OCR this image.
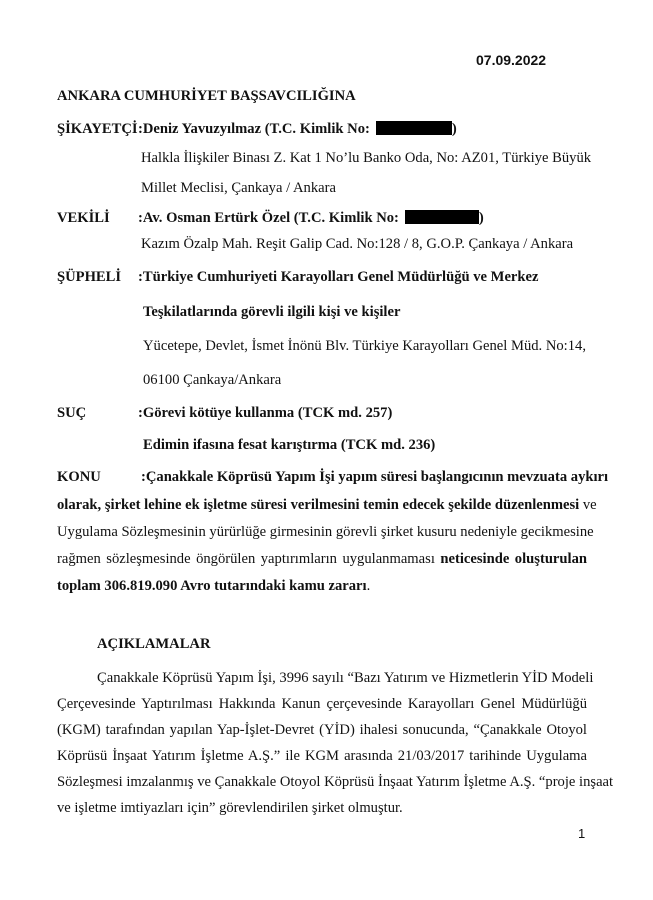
07.09.2022
ANKARA CUMHURİYET BAŞSAVCILIĞINA
ŞİKAYETÇİ :Deniz Yavuzyılmaz (T.C. Kimlik No:	)
Halkla İlişkiler Binası Z. Kat 1 No’lu Banko Oda, No: AZ01, Türkiye Büyük
Millet Meclisi, Çankaya / Ankara
VEKİLİ :Av. Osman Ertürk Özel (T.C. Kimlik No:	)
Kazım Özalp Mah. Reşit Galip Cad. No:128 / 8, G.O.P. Çankaya / Ankara
ŞÜPHELİ :Türkiye Cumhuriyeti Karayolları Genel Müdürlüğü ve Merkez
Teşkilatlarında görevli ilgili kişi ve kişiler
Yücetepe, Devlet, İsmet İnönü Blv. Türkiye Karayolları Genel Müd. No:14,
06100 Çankaya/Ankara
SUÇ	:Görevi kötüye kullanma (TCK md. 257)
Edimin ifasına fesat karıştırma (TCK md. 236)
KONU	:Çanakkale Köprüsü Yapım İşi yapım süresi başlangıcının mevzuata aykırı
olarak, şirket lehine ek işletme süresi verilmesini temin edecek şekilde düzenlenmesi ve
Uygulama Sözleşmesinin yürürlüğe girmesinin görevli şirket kusuru nedeniyle gecikmesine
rağmen sözleşmesinde öngörülen yaptırımların uygulanmaması neticesinde oluşturulan
toplam 306.819.090 Avro tutarındaki kamu zararı.
AÇIKLAMALAR
Çanakkale Köprüsü Yapım İşi, 3996 sayılı “Bazı Yatırım ve Hizmetlerin YİD Modeli
Çerçevesinde Yaptırılması Hakkında Kanun çerçevesinde Karayolları Genel Müdürlüğü
(KGM) tarafından yapılan Yap-İşlet-Devret (YİD) ihalesi sonucunda, “Çanakkale Otoyol
Köprüsü İnşaat Yatırım İşletme A.Ş.” ile KGM arasında 21/03/2017 tarihinde Uygulama
Sözleşmesi imzalanmış ve Çanakkale Otoyol Köprüsü İnşaat Yatırım İşletme A.Ş. “proje inşaat
ve işletme imtiyazları için” görevlendirilen şirket olmuştur.
1
